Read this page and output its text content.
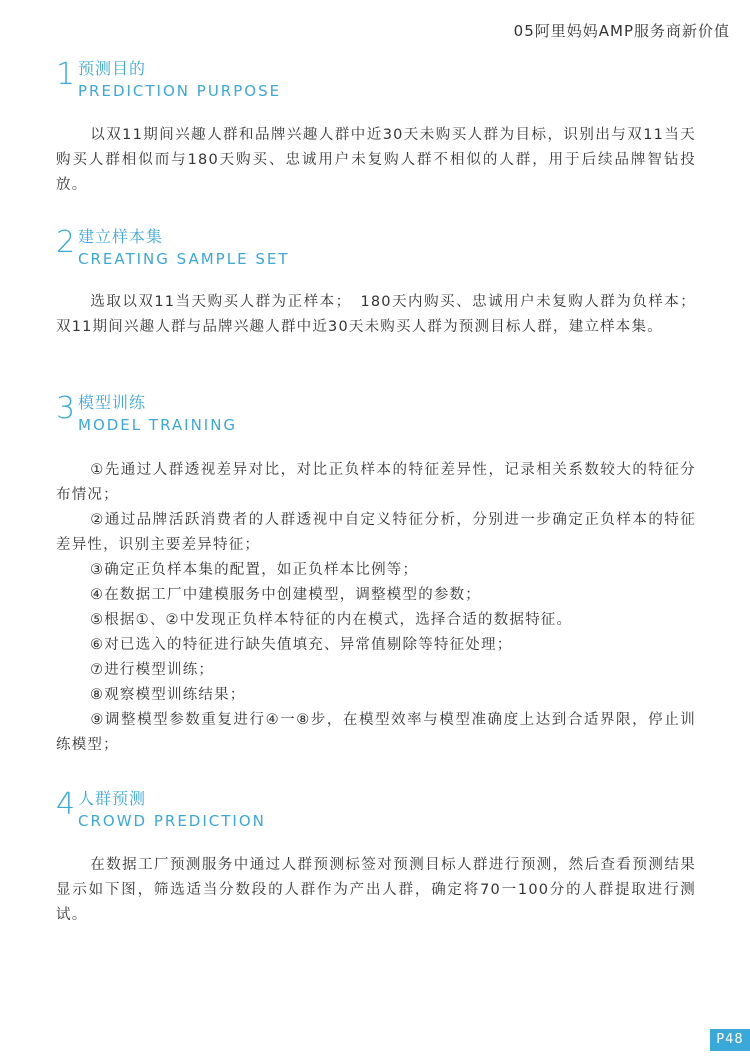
05阿里妈妈AMP服务商新价值
1 预测目的
PREDICTION PURPOSE

以双11期间兴趣人群和品牌兴趣人群中近30天未购买人群为目标，识别出与双11当天购买人群相似而与180天购买、忠诚用户未复购人群不相似的人群，用于后续品牌智钻投放。

2 建立样本集
CREATING SAMPLE SET

选取以双11当天购买人群为正样本；　180天内购买、忠诚用户未复购人群为负样本；双11期间兴趣人群与品牌兴趣人群中近30天未购买人群为预测目标人群，建立样本集。

3 模型训练
MODEL TRAINING
①先通过人群透视差异对比，对比正负样本的特征差异性，记录相关系数较大的特征分布情况；
②通过品牌活跃消费者的人群透视中自定义特征分析，分别进一步确定正负样本的特征差异性，识别主要差异特征；
③确定正负样本集的配置，如正负样本比例等；
④在数据工厂中建模服务中创建模型，调整模型的参数；
⑤根据①、②中发现正负样本特征的内在模式，选择合适的数据特征。
⑥对已选入的特征进行缺失值填充、异常值剔除等特征处理；
⑦进行模型训练；
⑧观察模型训练结果；
⑨调整模型参数重复进行④一⑧步，在模型效率与模型准确度上达到合适界限，停止训练模型；
4 人群预测
CROWD PREDICTION

在数据工厂预测服务中通过人群预测标签对预测目标人群进行预测，然后查看预测结果显示如下图，筛选适当分数段的人群作为产出人群，确定将70一100分的人群提取进行测试。

P48
